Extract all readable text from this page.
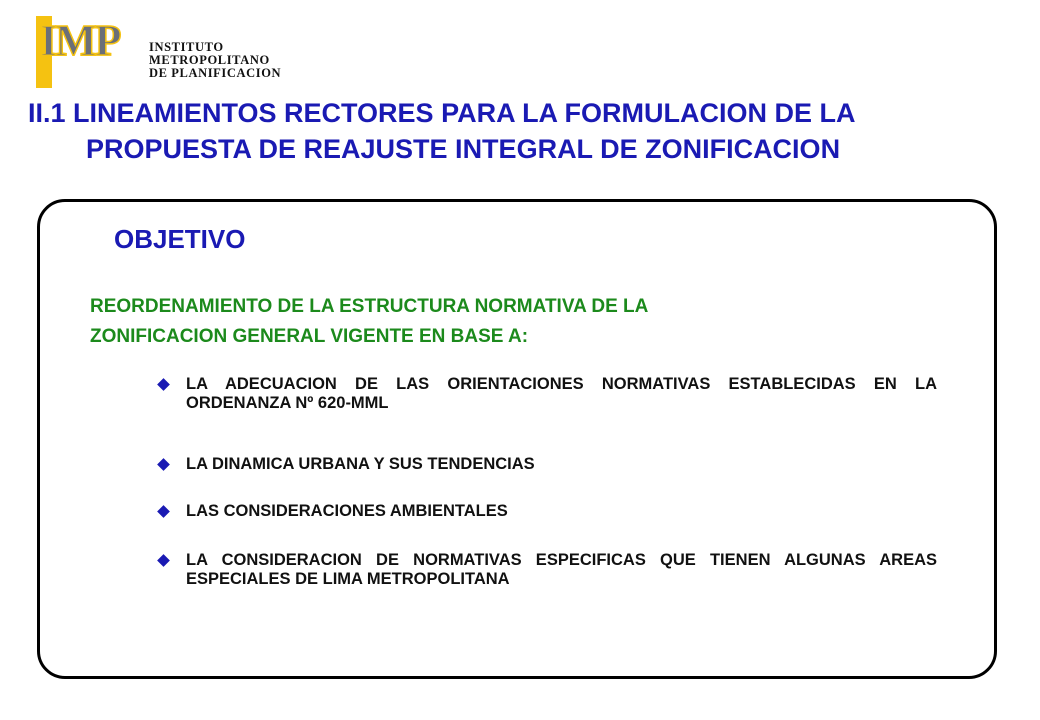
IMP INSTITUTO
METROPOLITANO
DE PLANIFICACION
II.1 LINEAMIENTOS RECTORES PARA LA FORMULACION DE LA
PROPUESTA DE REAJUSTE INTEGRAL DE ZONIFICACION
OBJETIVO
REORDENAMIENTO DE LA ESTRUCTURA NORMATIVA DE LA
ZONIFICACION GENERAL VIGENTE EN BASE A:
LA ADECUACION DE LAS ORIENTACIONES NORMATIVAS ESTABLECIDAS EN LA ORDENANZA Nº 620-MML
LA DINAMICA URBANA Y SUS TENDENCIAS
LAS CONSIDERACIONES AMBIENTALES
LA CONSIDERACION DE NORMATIVAS ESPECIFICAS QUE TIENEN ALGUNAS AREAS ESPECIALES DE LIMA METROPOLITANA
